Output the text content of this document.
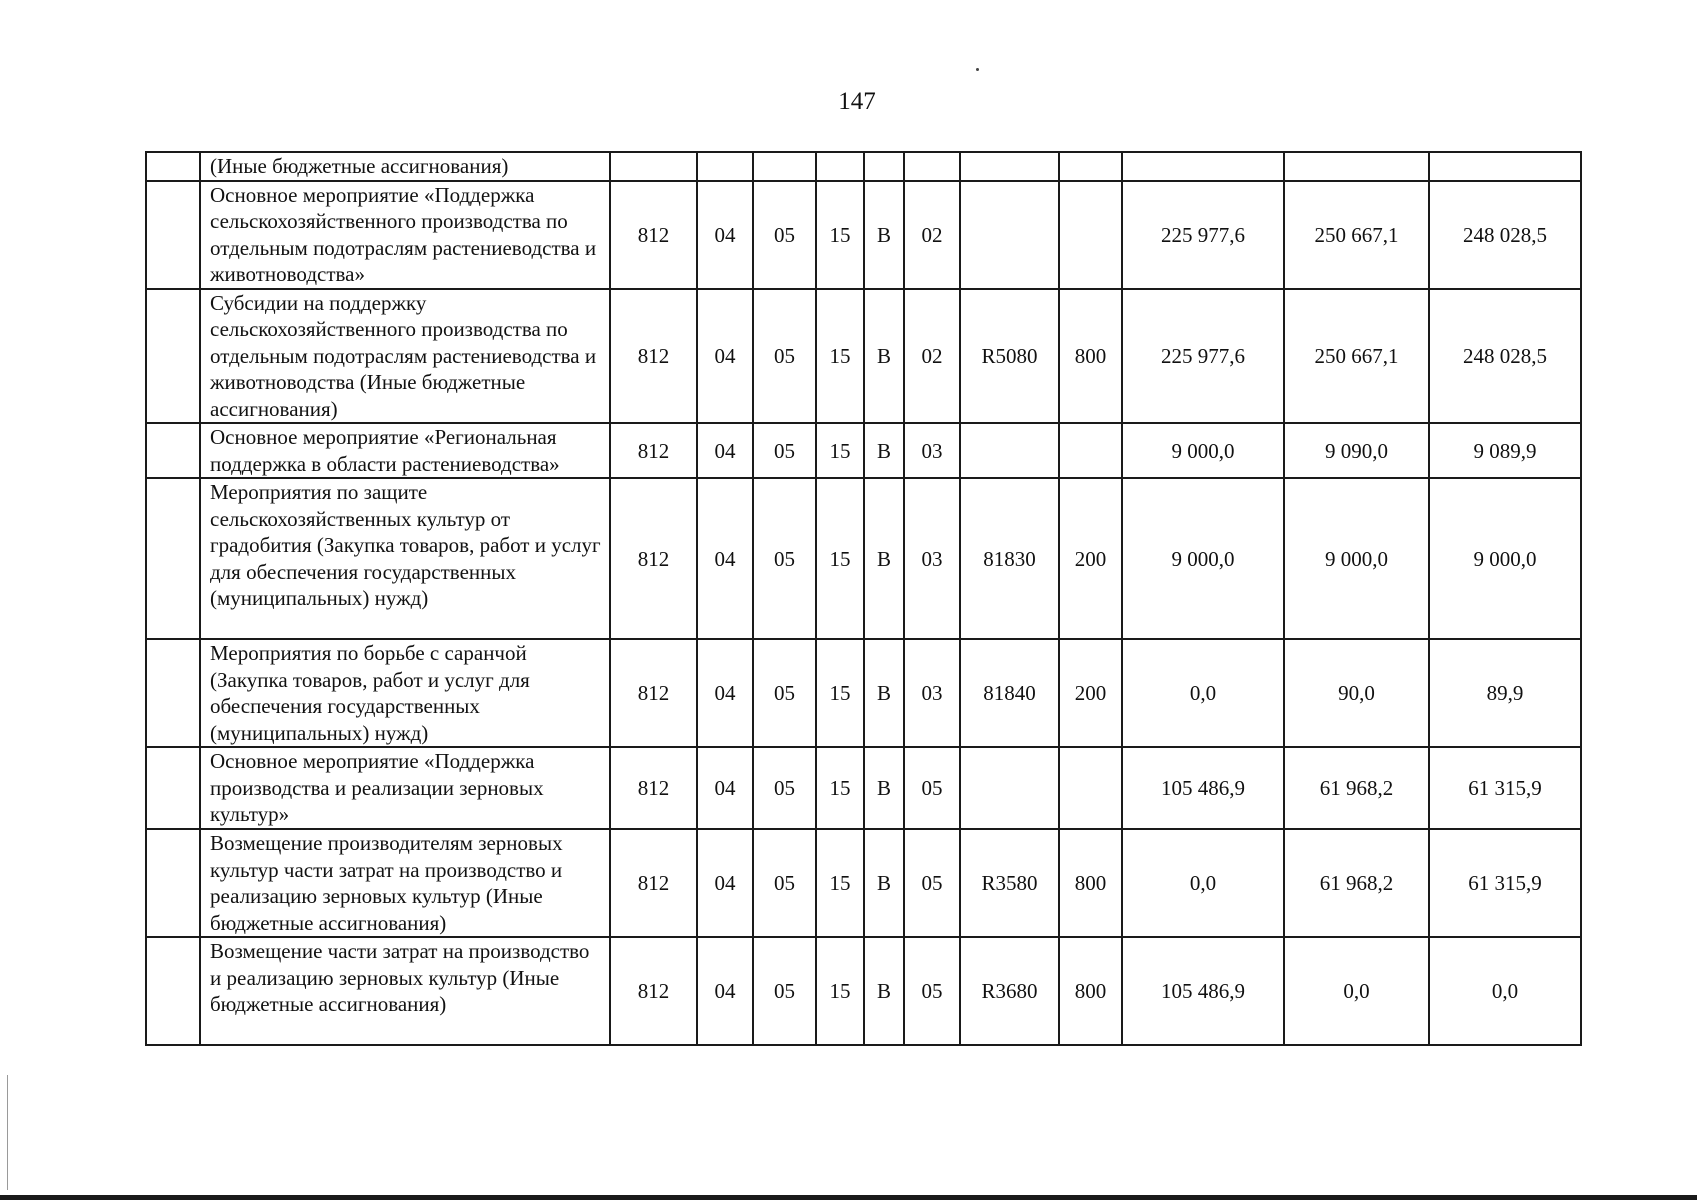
147
	(Иные бюджетные ассигнования)											
	Основное мероприятие «Поддержка сельскохозяйственного производства по отдельным подотраслям растениеводства и животноводства»	812	04	05	15	В	02			225 977,6	250 667,1	248 028,5
	Субсидии на поддержку сельскохозяйственного производства по отдельным подотраслям растениеводства и животноводства (Иные бюджетные ассигнования)	812	04	05	15	В	02	R5080	800	225 977,6	250 667,1	248 028,5
	Основное мероприятие «Региональная поддержка в области растениеводства»	812	04	05	15	В	03			9 000,0	9 090,0	9 089,9
	Мероприятия по защите сельскохозяйственных культур от градобития (Закупка товаров, работ и услуг для обеспечения государственных (муниципальных) нужд)	812	04	05	15	В	03	81830	200	9 000,0	9 000,0	9 000,0
	Мероприятия по борьбе с саранчой (Закупка товаров, работ и услуг для обеспечения государственных (муниципальных) нужд)	812	04	05	15	В	03	81840	200	0,0	90,0	89,9
	Основное мероприятие «Поддержка производства и реализации зерновых культур»	812	04	05	15	В	05			105 486,9	61 968,2	61 315,9
	Возмещение производителям зерновых культур части затрат на производство и реализацию зерновых культур (Иные бюджетные ассигнования)	812	04	05	15	В	05	R3580	800	0,0	61 968,2	61 315,9
	Возмещение части затрат на производство и реализацию зерновых культур (Иные бюджетные ассигнования)	812	04	05	15	В	05	R3680	800	105 486,9	0,0	0,0
